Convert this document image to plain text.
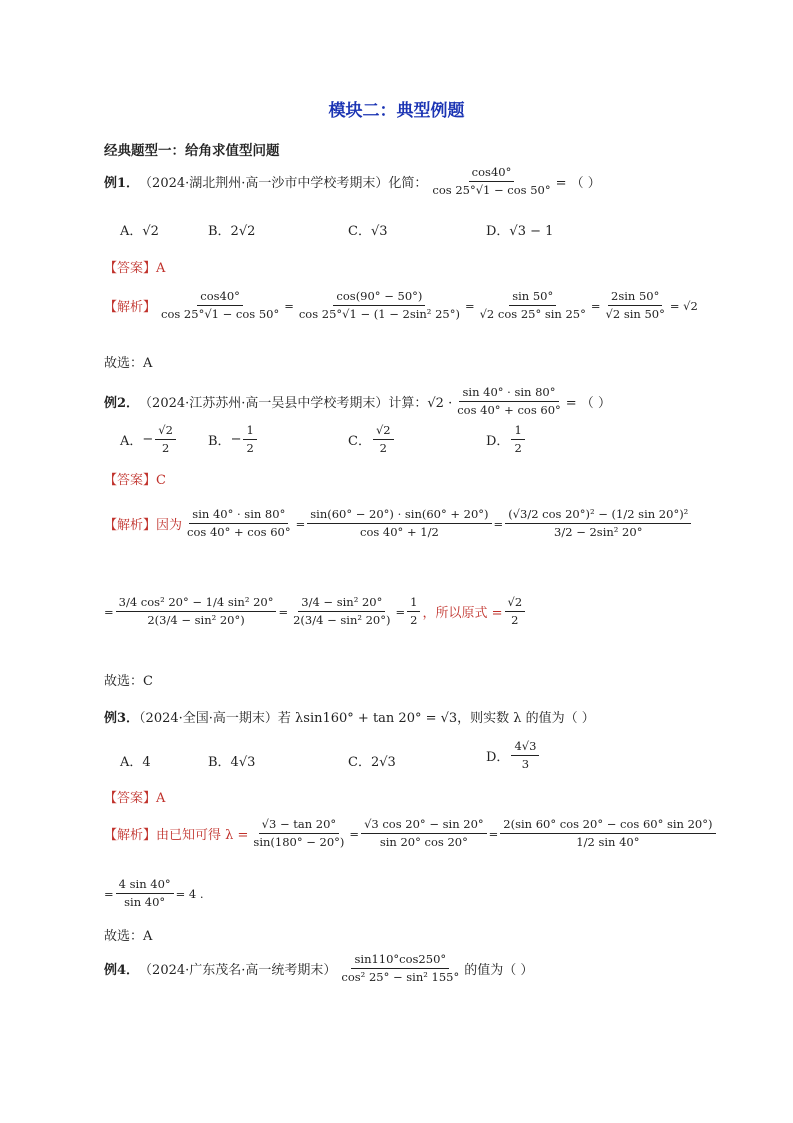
模块二：典型例题
经典题型一：给角求值型问题
例1． （2024·湖北荆州·高一沙市中学校考期末）化简： $\frac{\cos 40^\circ}{\cos 25^\circ√1 - \cos 50^\circ}$ = （ ）
A．√2	B．2√2	C．√3	D．√3 − 1
【答案】A
【解析】 $\frac{\cos 40^\circ}{\cos 25^\circ√1 - \cos 50^\circ} = \frac{\cos(90^\circ - 50^\circ)}{\text{cos 25°√1 − (1 − 2sin² 25°)}} = \frac{\sin 50^\circ}{√2 \cos 25^\circ \sin 25^\circ} = \frac{2\sin 50^\circ}{√2 \sin 50^\circ} = √2$
故选：A
例2． （2024·江苏苏州·高一吴县中学校考期末）计算：$√2 \cdot \frac{\sin 40^\circ \cdot \sin 80^\circ}{\cos 40^\circ + \cos 60^\circ}$ = （ ）
A． − $\frac{√2}{2}$ B． − $\frac{1}{2}$	C． $\frac{√2}{2}$	D． $\frac{1}{2}$
【答案】C
【解析】 因为 $\frac{\sin 40^\circ \cdot \sin 80^\circ}{\cos 40^\circ + \cos 60^\circ} = \frac{\sin(60^\circ - 20^\circ) \cdot \sin(60^\circ + 20^\circ)}{\cos 40^\circ + 1/2} = \frac{\text{(√3/2 cos 20°)² − (1/2 sin 20°)²}}{\text{3/2 − 2sin² 20°}}$
= $\frac{\text{3/4 cos² 20° − 1/4 sin² 20°}}{\text{2(3/4 − sin² 20°)}} = \frac{\text{3/4 − sin² 20°}}{\text{2(3/4 − sin² 20°)}} = \frac{1}{2}$ ，所以原式 = $\frac{√2}{2}$
故选：C
例3．（2024·全国·高一期末）若 λsin160° + tan 20° = √3，则实数 λ 的值为（ ）
A．4	B．4√3	C．2√3	D． $\frac{4√3}{3}$
【答案】A
【解析】 由已知可得 $\lambda = \frac{√3 - \tan 20^\circ}{\sin(180^\circ - 20^\circ)} = \frac{√3 \cos 20^\circ - \sin 20^\circ}{\sin 20^\circ \cos 20^\circ} = \frac{2(\sin 60^\circ \cos 20^\circ - \cos 60^\circ \sin 20^\circ)}{1/2 \sin 40^\circ}$
= $\frac{4 \sin 40^\circ}{\sin 40^\circ} = 4$ .
故选：A
例4． （2024·广东茂名·高一统考期末） $\frac{\sin 110^\circ\cos 250^\circ}{\text{cos² 25° − sin² 155°}}$ 的值为（ ）
